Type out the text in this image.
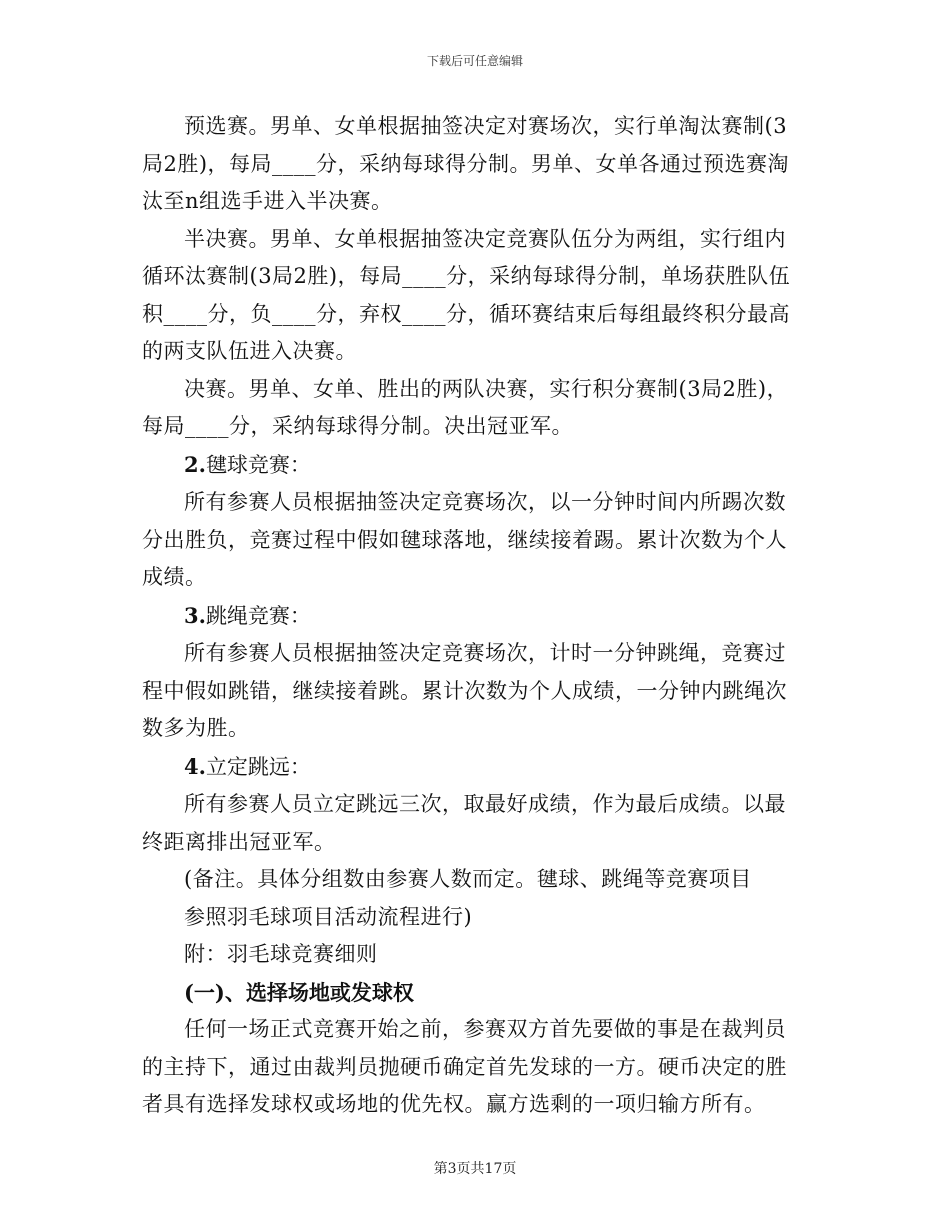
下载后可任意编辑

预选赛。男单、女单根据抽签决定对赛场次，实行单淘汰赛制(3局2胜)，每局____分，采纳每球得分制。男单、女单各通过预选赛淘汰至n组选手进入半决赛。

半决赛。男单、女单根据抽签决定竞赛队伍分为两组，实行组内循环汰赛制(3局2胜)，每局____分，采纳每球得分制，单场获胜队伍积____分，负____分，弃权____分，循环赛结束后每组最终积分最高的两支队伍进入决赛。

决赛。男单、女单、胜出的两队决赛，实行积分赛制(3局2胜)，每局____分，采纳每球得分制。决出冠亚军。

2.毽球竞赛：

所有参赛人员根据抽签决定竞赛场次，以一分钟时间内所踢次数分出胜负，竞赛过程中假如毽球落地，继续接着踢。累计次数为个人成绩。

3.跳绳竞赛：

所有参赛人员根据抽签决定竞赛场次，计时一分钟跳绳，竞赛过程中假如跳错，继续接着跳。累计次数为个人成绩，一分钟内跳绳次数多为胜。

4.立定跳远：

所有参赛人员立定跳远三次，取最好成绩，作为最后成绩。以最终距离排出冠亚军。

(备注。具体分组数由参赛人数而定。毽球、跳绳等竞赛项目

参照羽毛球项目活动流程进行)

附：羽毛球竞赛细则

(一)、选择场地或发球权

任何一场正式竞赛开始之前，参赛双方首先要做的事是在裁判员的主持下，通过由裁判员抛硬币确定首先发球的一方。硬币决定的胜者具有选择发球权或场地的优先权。赢方选剩的一项归输方所有。

第3页共17页
